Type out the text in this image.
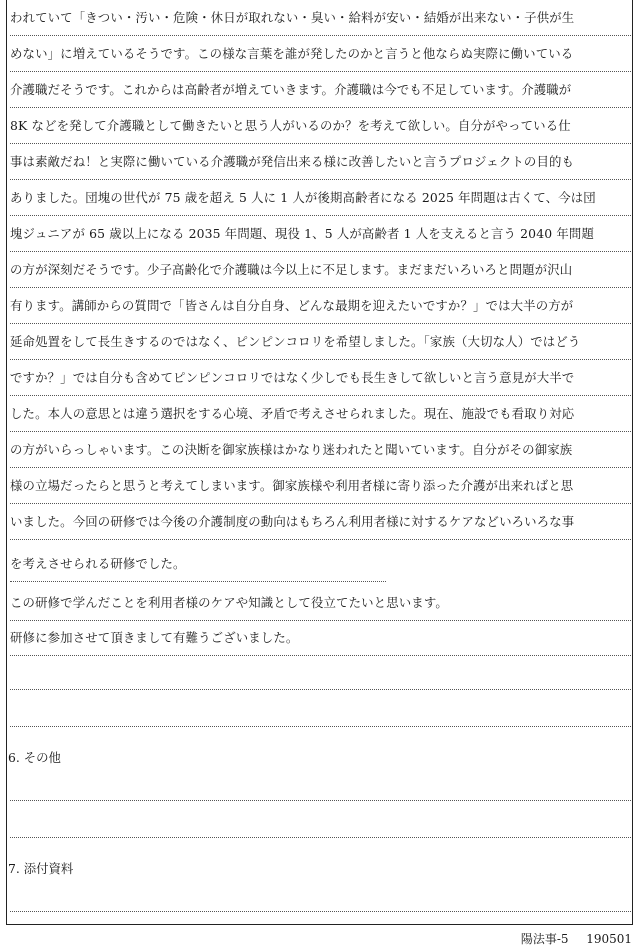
われていて「きつい・汚い・危険・休日が取れない・臭い・給料が安い・結婚が出来ない・子供が生
めない」に増えているそうです。この様な言葉を誰が発したのかと言うと他ならぬ実際に働いている
介護職だそうです。これからは高齢者が増えていきます。介護職は今でも不足しています。介護職が
8K などを発して介護職として働きたいと思う人がいるのか？を考えて欲しい。自分がやっている仕
事は素敵だね！と実際に働いている介護職が発信出来る様に改善したいと言うプロジェクトの目的も
ありました。団塊の世代が 75 歳を超え 5 人に 1 人が後期高齢者になる 2025 年問題は古くて、今は団
塊ジュニアが 65 歳以上になる 2035 年問題、現役 1、5 人が高齢者 1 人を支えると言う 2040 年問題
の方が深刻だそうです。少子高齢化で介護職は今以上に不足します。まだまだいろいろと問題が沢山
有ります。講師からの質問で「皆さんは自分自身、どんな最期を迎えたいですか？」では大半の方が
延命処置をして長生きするのではなく、ピンピンコロリを希望しました。「家族（大切な人）ではどう
ですか？」では自分も含めてピンピンコロリではなく少しでも長生きして欲しいと言う意見が大半で
した。本人の意思とは違う選択をする心境、矛盾で考えさせられました。現在、施設でも看取り対応
の方がいらっしゃいます。この決断を御家族様はかなり迷われたと聞いています。自分がその御家族
様の立場だったらと思うと考えてしまいます。御家族様や利用者様に寄り添った介護が出来ればと思
いました。今回の研修では今後の介護制度の動向はもちろん利用者様に対するケアなどいろいろな事
を考えさせられる研修でした。
この研修で学んだことを利用者様のケアや知識として役立てたいと思います。
研修に参加させて頂きまして有難うございました。
6. その他
7. 添付資料
陽法事-5 190501
